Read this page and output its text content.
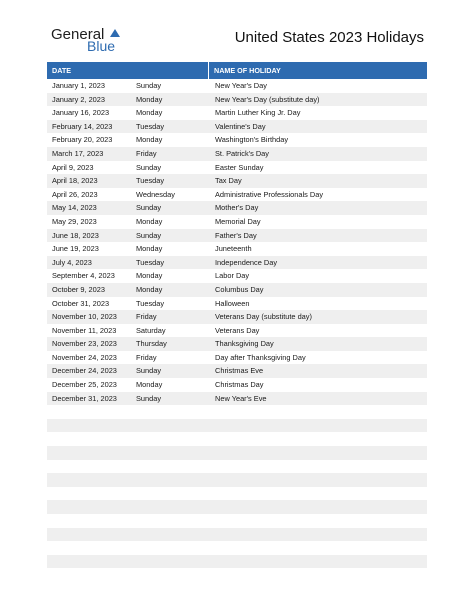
General
Blue	United States 2023 Holidays
DATE	NAME OF HOLIDAY
January 1, 2023	Sunday	New Year's Day
January 2, 2023	Monday	New Year's Day (substitute day)
January 16, 2023	Monday	Martin Luther King Jr. Day
February 14, 2023	Tuesday	Valentine's Day
February 20, 2023	Monday	Washington's Birthday
March 17, 2023	Friday	St. Patrick's Day
April 9, 2023	Sunday	Easter Sunday
April 18, 2023	Tuesday	Tax Day
April 26, 2023	Wednesday	Administrative Professionals Day
May 14, 2023	Sunday	Mother's Day
May 29, 2023	Monday	Memorial Day
June 18, 2023	Sunday	Father's Day
June 19, 2023	Monday	Juneteenth
July 4, 2023	Tuesday	Independence Day
September 4, 2023	Monday	Labor Day
October 9, 2023	Monday	Columbus Day
October 31, 2023	Tuesday	Halloween
November 10, 2023	Friday	Veterans Day (substitute day)
November 11, 2023	Saturday	Veterans Day
November 23, 2023	Thursday	Thanksgiving Day
November 24, 2023	Friday	Day after Thanksgiving Day
December 24, 2023	Sunday	Christmas Eve
December 25, 2023	Monday	Christmas Day
December 31, 2023	Sunday	New Year's Eve
